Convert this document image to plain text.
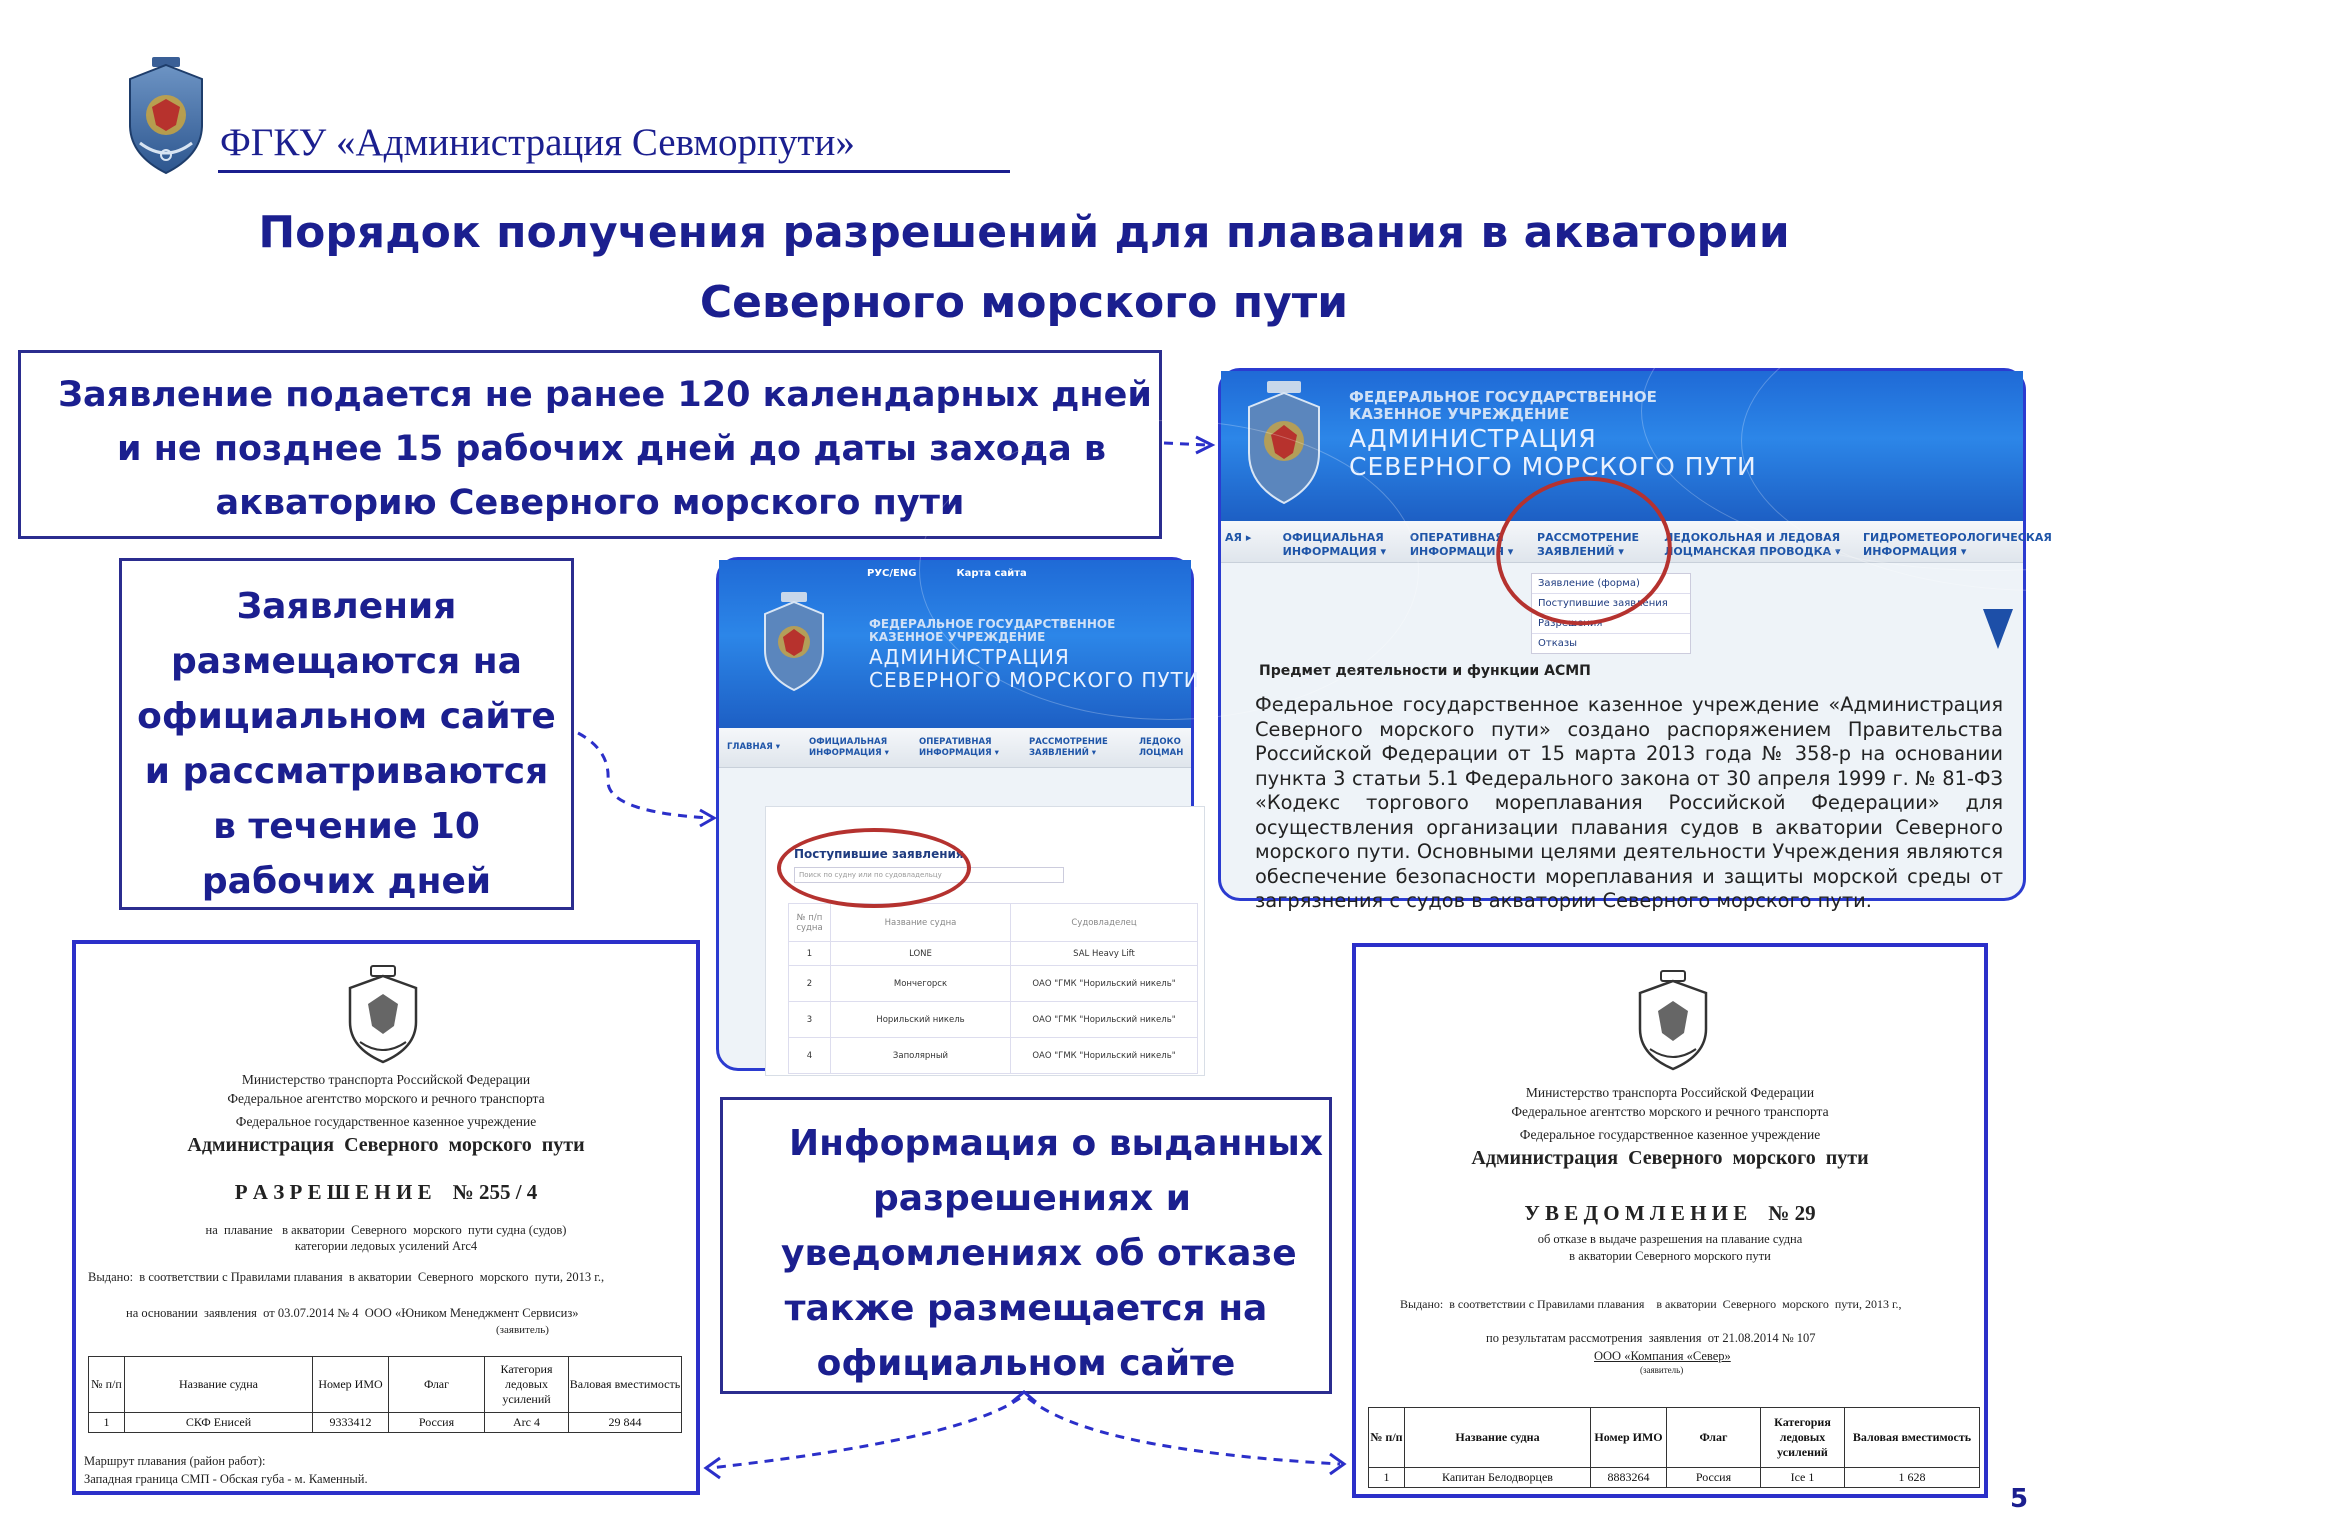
ФГКУ «Администрация Севморпути»
Порядок получения разрешений для плавания в акватории
Северного морского пути
Заявление подается не ранее 120 календарных дней
и не позднее 15 рабочих дней до даты захода в
акваторию Северного морского пути
Заявления
размещаются на
официальном сайте
и рассматриваются
в течение 10
рабочих дней
Информация о выданных
разрешениях и
уведомлениях об отказе
также размещается на
официальном сайте
ФЕДЕРАЛЬНОЕ ГОСУДАРСТВЕННОЕ
КАЗЕННОЕ УЧРЕЖДЕНИЕ
АДМИНИСТРАЦИЯ
СЕВЕРНОГО МОРСКОГО ПУТИ
АЯ ▸	ОФИЦИАЛЬНАЯ
ИНФОРМАЦИЯ ▾
ОПЕРАТИВНАЯ
ИНФОРМАЦИЯ ▾
РАССМОТРЕНИЕ
ЗАЯВЛЕНИЙ ▾
ЛЕДОКОЛЬНАЯ И ЛЕДОВАЯ
ЛОЦМАНСКАЯ ПРОВОДКА ▾
ГИДРОМЕТЕОРОЛОГИЧЕСКАЯ
ИНФОРМАЦИЯ ▾
Заявление (форма)
Поступившие заявления
Разрешения
Отказы
Предмет деятельности и функции АСМП
Федеральное государственное казенное учреждение «Администрация Северного морского пути» создано распоряжением Правительства Российской Федерации от 15 марта 2013 года № 358-р на основании пункта 3 статьи 5.1 Федерального закона от 30 апреля 1999 г. № 81-ФЗ «Кодекс торгового мореплавания Российской Федерации» для осуществления организации плавания судов в акватории Северного морского пути. Основными целями деятельности Учреждения являются обеспечение безопасности мореплавания и защиты морской среды от загрязнения с судов в акватории Северного морского пути.
РУС/ENG	Карта сайта
ФЕДЕРАЛЬНОЕ ГОСУДАРСТВЕННОЕ
КАЗЕННОЕ УЧРЕЖДЕНИЕ
АДМИНИСТРАЦИЯ
СЕВЕРНОГО МОРСКОГО ПУТИ
ГЛАВНАЯ ▾	ОФИЦИАЛЬНАЯ
ИНФОРМАЦИЯ ▾
ОПЕРАТИВНАЯ
ИНФОРМАЦИЯ ▾
РАССМОТРЕНИЕ
ЗАЯВЛЕНИЙ ▾
ЛЕДОКО
ЛОЦМАН
Поступившие заявления
Поиск по судну или по судовладельцу
№ п/п судна	Название судна	Судовладелец
1	LONE	SAL Heavy Lift
2	Мончегорск	ОАО "ГМК "Норильский никель"
3	Норильский никель	ОАО "ГМК "Норильский никель"
4	Заполярный	ОАО "ГМК "Норильский никель"
Министерство транспорта Российской Федерации
Федеральное агентство морского и речного транспорта
Федеральное государственное казенное учреждение
Администрация  Северного  морского  пути
Р А З Р Е Ш Е Н И Е    № 255 / 4
на  плавание   в акватории  Северного  морского  пути судна (судов)
категории ледовых усилений Arc4
Выдано:  в соответствии с Правилами плавания  в акватории  Северного  морского  пути, 2013 г.,
на основании  заявления  от 03.07.2014 № 4  ООО «Юником Менеджмент Сервисиз»
(заявитель)
№ п/п	Название судна	Номер ИМО	Флаг	Категория ледовых усилений	Валовая вместимость
1	СКФ Енисей	9333412	Россия	Arc 4	29 844
Маршрут плавания (район работ):
Западная граница СМП - Обская губа - м. Каменный.
Министерство транспорта Российской Федерации
Федеральное агентство морского и речного транспорта
Федеральное государственное казенное учреждение
Администрация  Северного  морского  пути
У В Е Д О М Л Е Н И Е    № 29
об отказе в выдаче разрешения на плавание судна
в акватории Северного морского пути
Выдано:  в соответствии с Правилами плавания    в акватории  Северного  морского  пути, 2013 г.,
по результатам рассмотрения  заявления  от 21.08.2014 № 107
ООО «Компания «Север»
(заявитель)
№ п/п	Название судна	Номер ИМО	Флаг	Категория ледовых усилений	Валовая вместимость
1	Капитан Белодворцев	8883264	Россия	Ice 1	1 628
5
